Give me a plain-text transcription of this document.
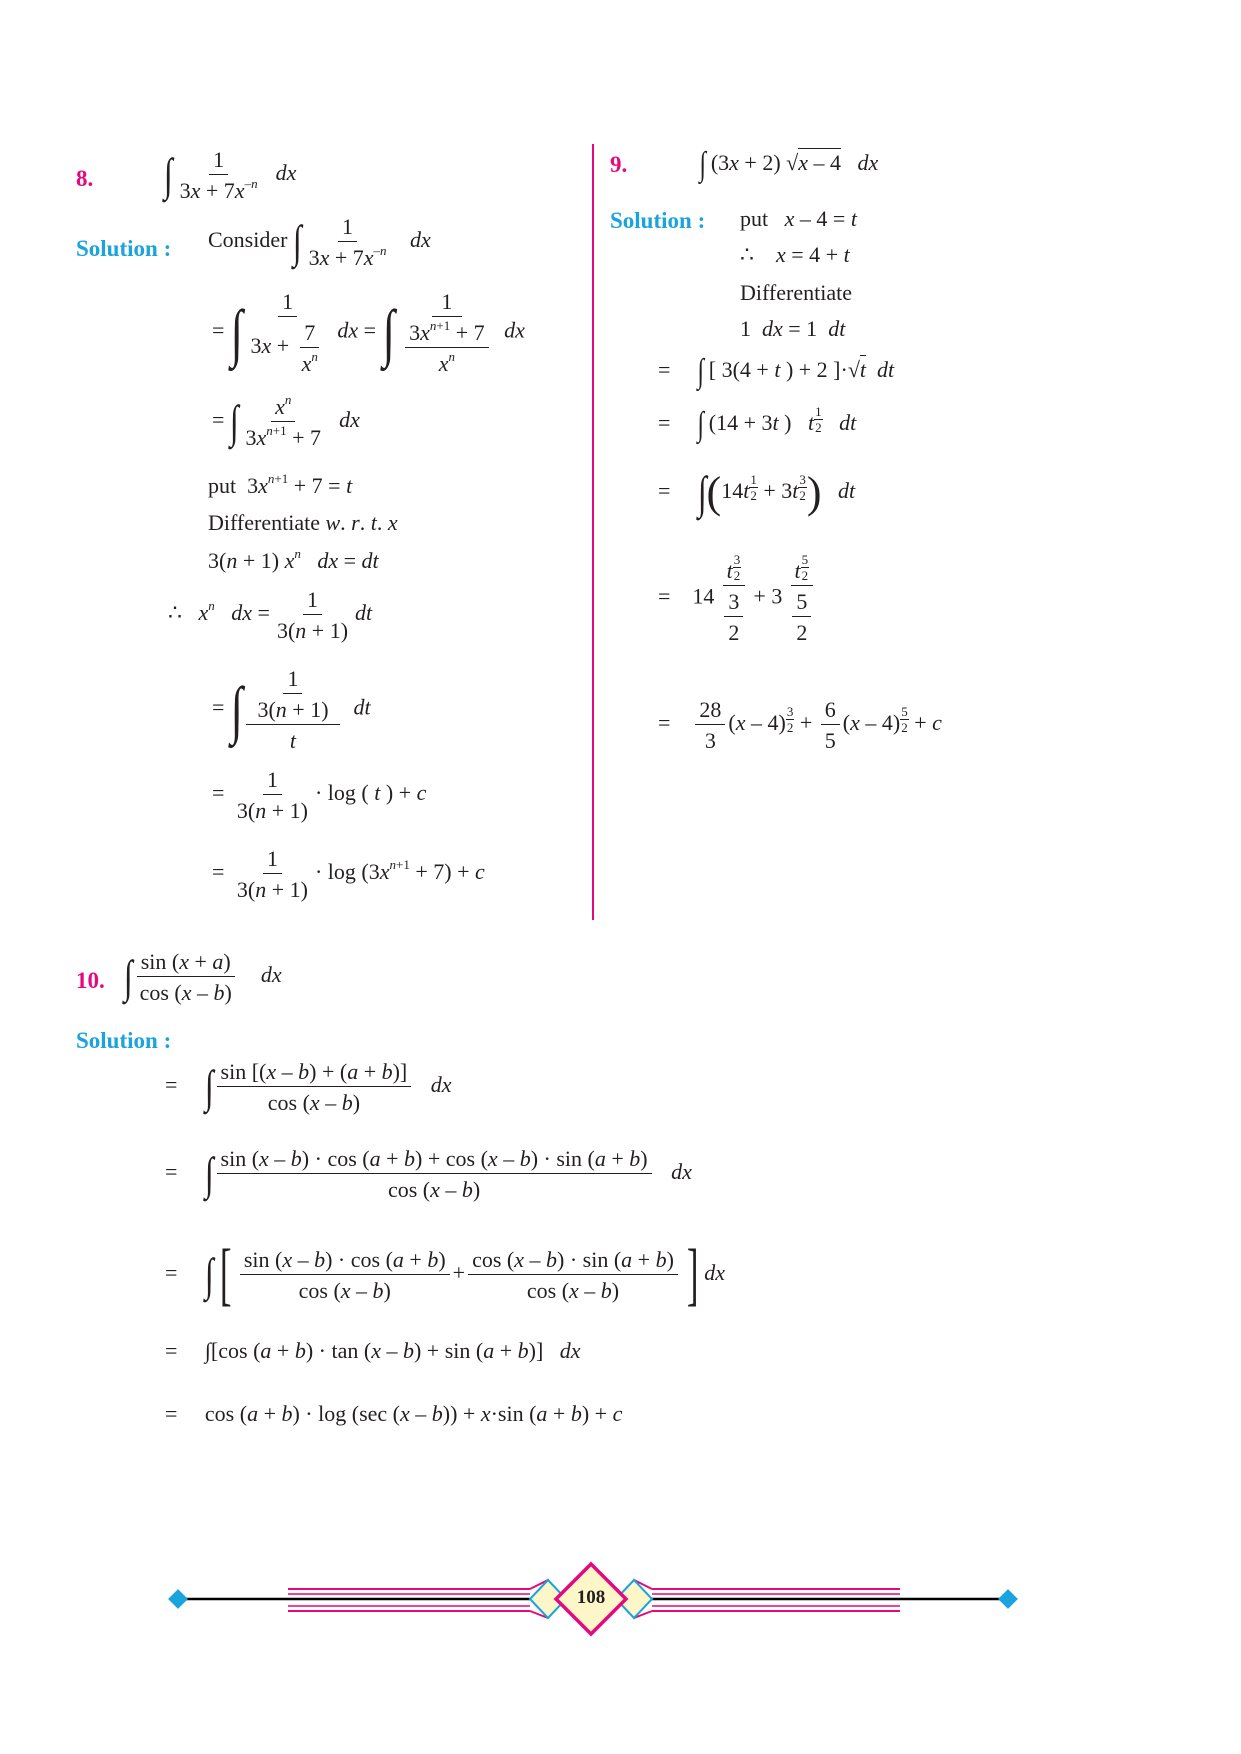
8. ∫ $\frac{1}{3x + 7x^{-n}}$ dx
Solution : Consider ∫ $\frac{1}{3x + 7x^{-n}}$ dx
= ∫ $\frac{1}{3x + \frac{7}{x^n}}$ dx = ∫ $\frac{1}{\frac{3x^{n+1} + 7}{x^n}}$ dx
= ∫ $\frac{x^n}{3x^{n+1} + 7}$ dx
put  $3x^{n+1} + 7 = t$
Differentiate w. r. t. x
3(n + 1) $x^n$ dx = dt
∴   $x^n$ dx = $\frac{1}{3(n + 1)}$ dt
= ∫ $\frac{\frac{1}{3(n + 1)}}{t}$ dt
= $\frac{1}{3(n + 1)} \cdot \log$ ( t ) + c
= $\frac{1}{3(n + 1)} \cdot \log (3x^{n+1} + 7) + c$
9. ∫ (3x + 2) √x – 4 dx
Solution : put x – 4 = t
∴    x = 4 + t
Differentiate
1  dx = 1  dt
=     ∫ [ 3(4 + t ) + 2 ]·√t dt
=     ∫ (14 + 3t )   t $\frac{1}{2}$ dt
=     $\int(14t \frac{1}{2} + 3t \frac{3}{2}$ ) dt
=    $14 \frac{t \frac{3}{2}}{\frac{3}{2}} + 3 \frac{t \frac{5}{2}}{\frac{5}{2}}$
= $\frac{28}{3} (x - 4) \frac{3}{2} + \frac{6}{5} (x - 4) \frac{5}{2} + c$
10. ∫ $\frac{\sin (x + a)}{\cos (x - b)}$ dx
Solution :
=     ∫ $\frac{\sin [(x - b) + (a + b)]}{\cos (x - b)}$ dx
=     ∫ $\frac{\sin (x - b) \cdot \cos (a + b) + \cos (x - b) \cdot \sin (a + b)}{\cos (x - b)}$ dx
=     ∫[ $\frac{\sin (x - b) \cdot \cos (a + b)}{\cos (x - b)} + \frac{\cos (x - b) \cdot \sin (a + b)}{\cos (x - b)}$ ] dx
=     ∫[cos (a + b) · tan (x – b) + sin (a + b)]   dx
=     cos (a + b) · log (sec (x – b)) + x·sin (a + b) + c
108
